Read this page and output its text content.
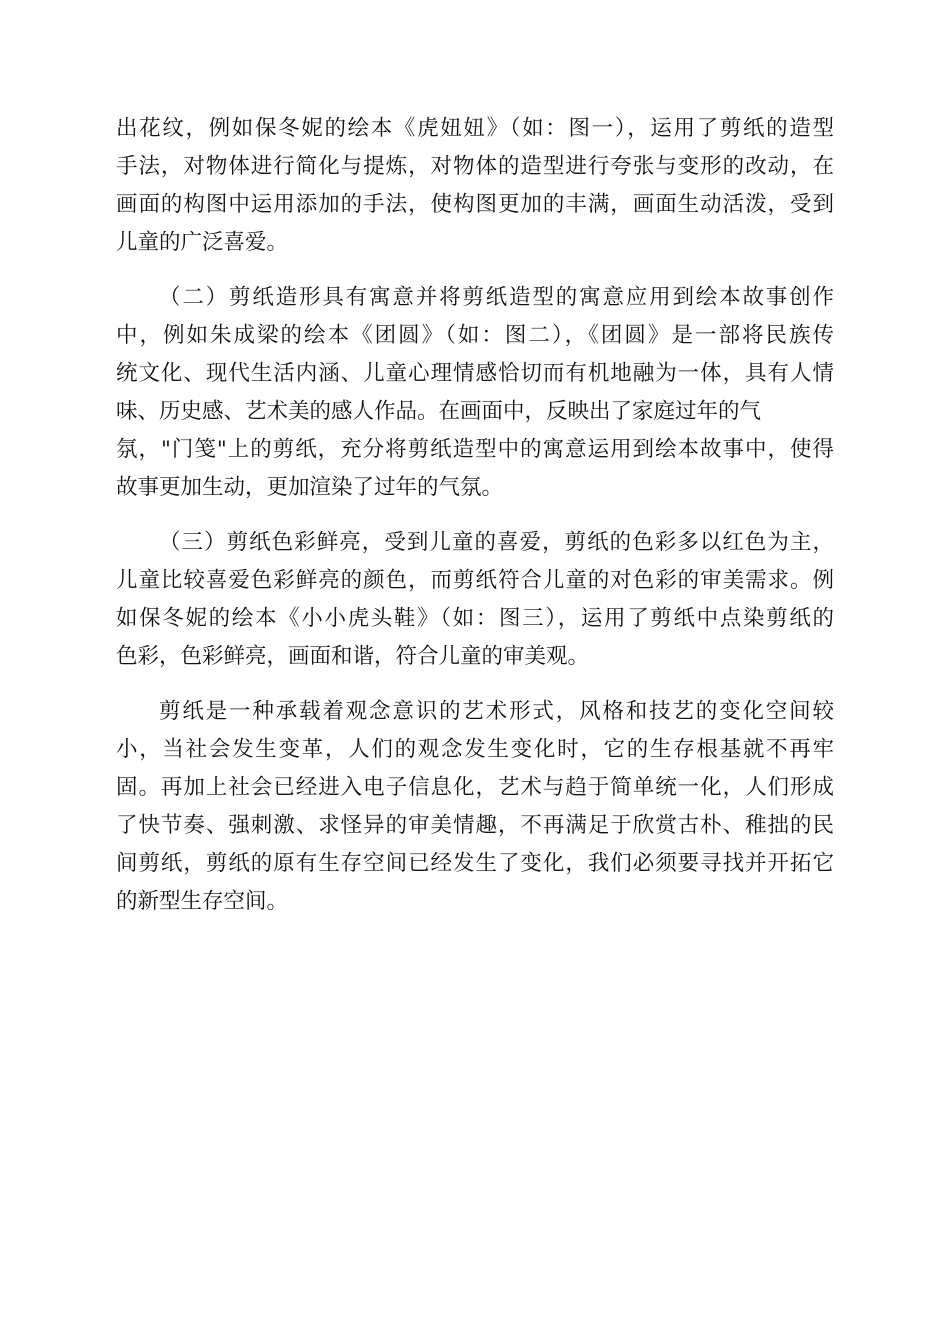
出花纹，例如保冬妮的绘本《虎妞妞》（如：图一），运用了剪纸的造型
手法，对物体进行简化与提炼，对物体的造型进行夸张与变形的改动，在
画面的构图中运用添加的手法，使构图更加的丰满，画面生动活泼，受到
儿童的广泛喜爱。
（二）剪纸造形具有寓意并将剪纸造型的寓意应用到绘本故事创作
中，例如朱成梁的绘本《团圆》（如：图二），《团圆》是一部将民族传
统文化、现代生活内涵、儿童心理情感恰切而有机地融为一体，具有人情
味、历史感、艺术美的感人作品。在画面中，反映出了家庭过年的气
氛，"门笺"上的剪纸，充分将剪纸造型中的寓意运用到绘本故事中，使得
故事更加生动，更加渲染了过年的气氛。
（三）剪纸色彩鲜亮，受到儿童的喜爱，剪纸的色彩多以红色为主，
儿童比较喜爱色彩鲜亮的颜色，而剪纸符合儿童的对色彩的审美需求。例
如保冬妮的绘本《小小虎头鞋》（如：图三），运用了剪纸中点染剪纸的
色彩，色彩鲜亮，画面和谐，符合儿童的审美观。
剪纸是一种承载着观念意识的艺术形式，风格和技艺的变化空间较
小，当社会发生变革，人们的观念发生变化时，它的生存根基就不再牢
固。再加上社会已经进入电子信息化，艺术与趋于简单统一化，人们形成
了快节奏、强刺激、求怪异的审美情趣，不再满足于欣赏古朴、稚拙的民
间剪纸，剪纸的原有生存空间已经发生了变化，我们必须要寻找并开拓它
的新型生存空间。
